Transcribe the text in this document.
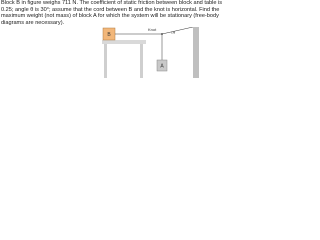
Block B in figure weighs 711 N. The coefficient of static friction between block and table is
0.25; angle θ is 30°; assume that the cord between B and the knot is horizontal. Find the
maximum weight (not mass) of block A for which the system will be stationary (free-body
diagrams are necessary).
B
Knot	θ
A
